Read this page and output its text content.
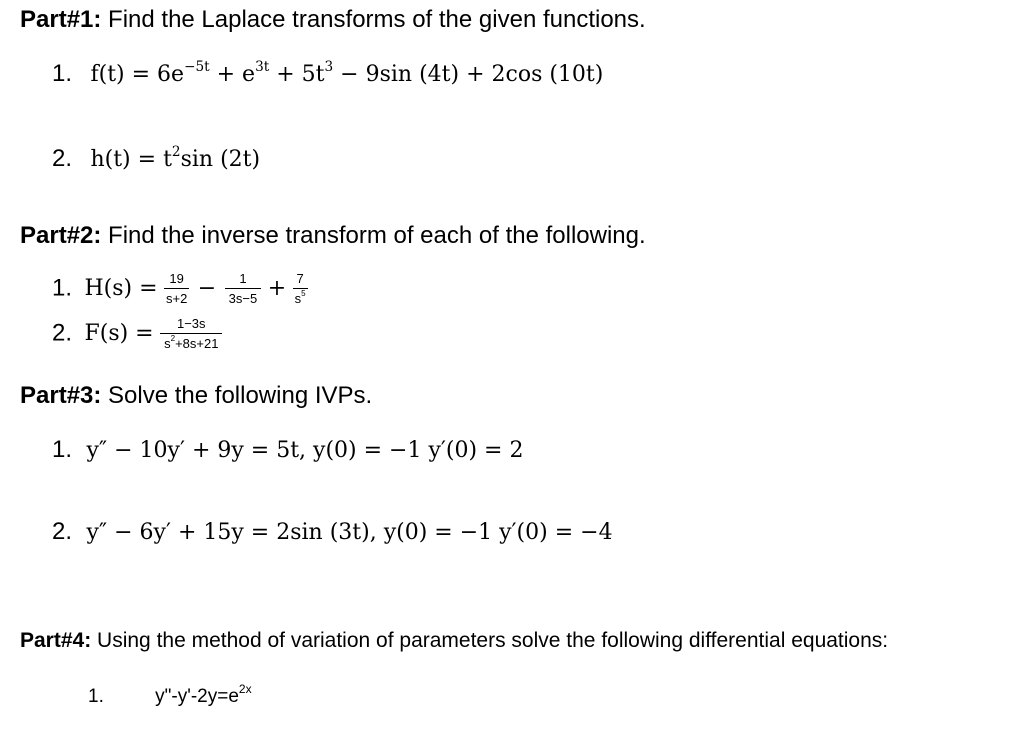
Part#1: Find the Laplace transforms of the given functions.
1. $f(t) = 6e^{-5t} + e^{3t} + 5t^3 - 9\sin$ (4t) + 2cos (10t)
2. $h(t) = t^2\sin$ (2t)
Part#2: Find the inverse transform of each of the following.
1. $H(s) = \frac{19}{s+2} - \frac{1}{3s-5} + \frac{7}{s^5}$
2. $F(s) = \frac{1-3s}{s^2+8s+21}$
Part#3: Solve the following IVPs.
1. y″ − 10y′ + 9y = 5t, y(0) = −1 y′(0) = 2
2. y″ − 6y′ + 15y = 2sin (3t), y(0) = −1 y′(0) = −4
Part#4: Using the method of variation of parameters solve the following differential equations:
1.	$y"-y'-2y=e^{2x}$
